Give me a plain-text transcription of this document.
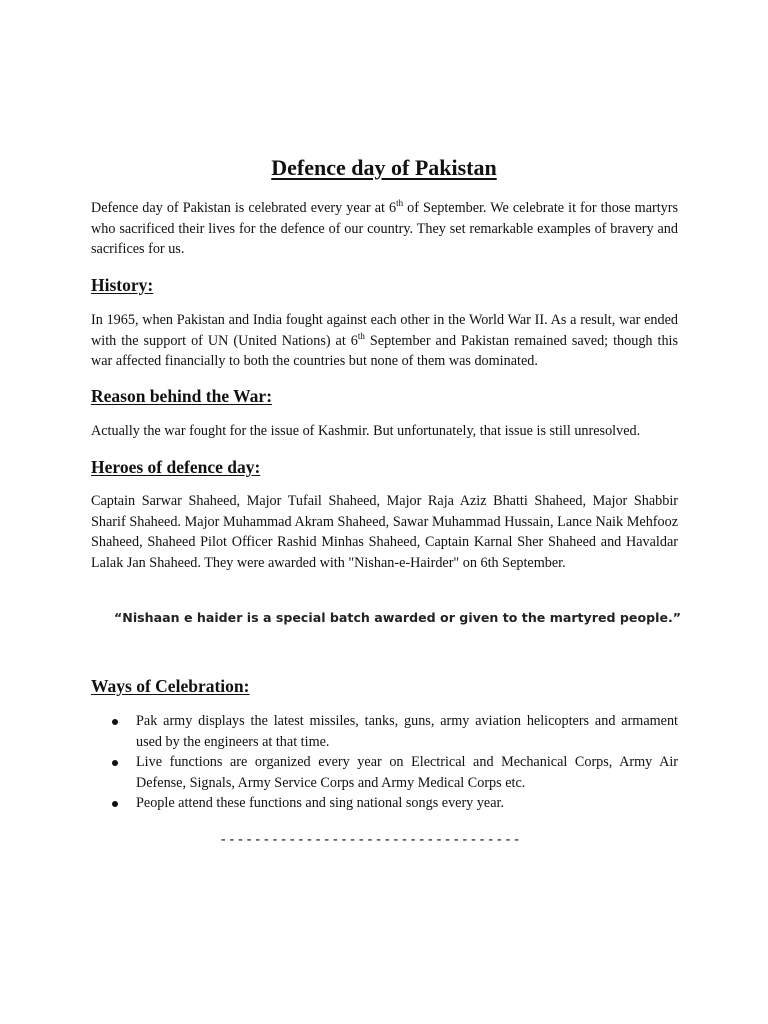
Defence day of Pakistan

Defence day of Pakistan is celebrated every year at 6th of September. We celebrate it for those martyrs who sacrificed their lives for the defence of our country. They set remarkable examples of bravery and sacrifices for us.

History:

In 1965, when Pakistan and India fought against each other in the World War II. As a result, war ended with the support of UN (United Nations) at 6th September and Pakistan remained saved; though this war affected financially to both the countries but none of them was dominated.

Reason behind the War:

Actually the war fought for the issue of Kashmir. But unfortunately, that issue is still unresolved.

Heroes of defence day:

Captain Sarwar Shaheed, Major Tufail Shaheed, Major Raja Aziz Bhatti Shaheed, Major Shabbir Sharif Shaheed. Major Muhammad Akram Shaheed, Sawar Muhammad Hussain, Lance Naik Mehfooz Shaheed, Shaheed Pilot Officer Rashid Minhas Shaheed, Captain Karnal Sher Shaheed and Havaldar Lalak Jan Shaheed. They were awarded with "Nishan-e-Hairder" on 6th September.

“Nishaan e haider is a special batch awarded or given to the martyred people.”

Ways of Celebration:
Pak army displays the latest missiles, tanks, guns, army aviation helicopters and armament used by the engineers at that time.
Live functions are organized every year on Electrical and Mechanical Corps, Army Air Defense, Signals, Army Service Corps and Army Medical Corps etc.
People attend these functions and sing national songs every year.

-----------------------------------
